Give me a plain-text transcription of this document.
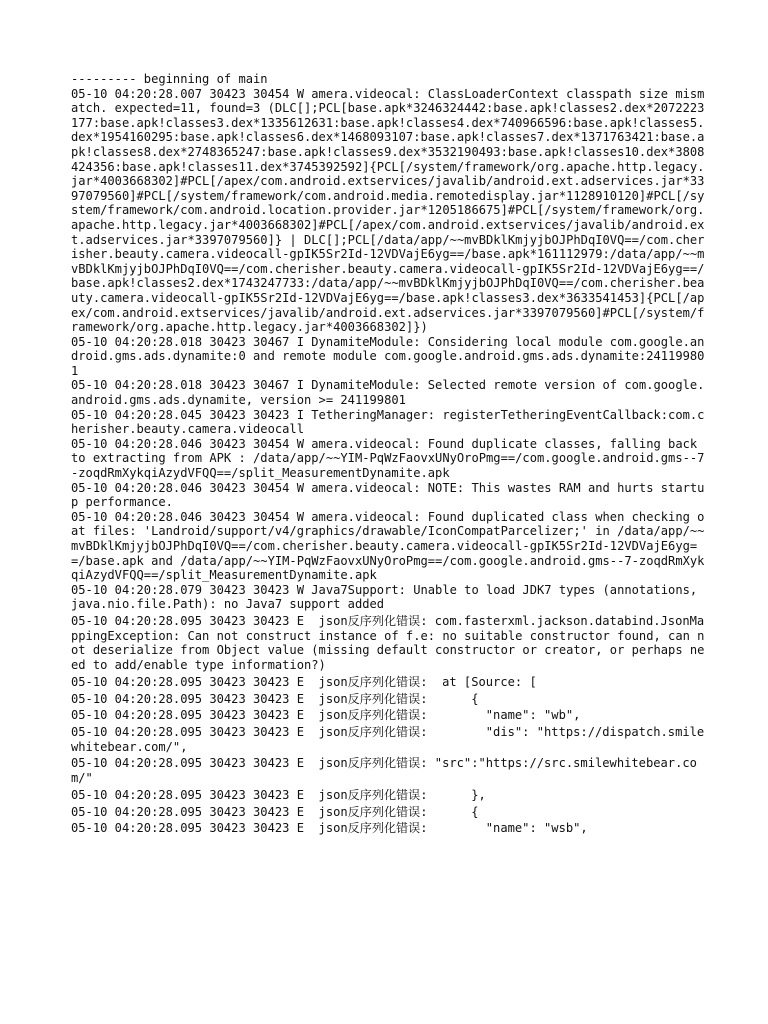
--------- beginning of main

05-10 04:20:28.007 30423 30454 W amera.videocal: ClassLoaderContext classpath size mismatch. expected=11, found=3 (DLC[];PCL[base.apk*3246324442:base.apk!classes2.dex*2072223177:base.apk!classes3.dex*1335612631:base.apk!classes4.dex*740966596:base.apk!classes5.dex*1954160295:base.apk!classes6.dex*1468093107:base.apk!classes7.dex*1371763421:base.apk!classes8.dex*2748365247:base.apk!classes9.dex*3532190493:base.apk!classes10.dex*3808424356:base.apk!classes11.dex*3745392592]{PCL[/system/framework/org.apache.http.legacy.jar*4003668302]#PCL[/apex/com.android.extservices/javalib/android.ext.adservices.jar*3397079560]#PCL[/system/framework/com.android.media.remotedisplay.jar*1128910120]#PCL[/system/framework/com.android.location.provider.jar*1205186675]#PCL[/system/framework/org.apache.http.legacy.jar*4003668302]#PCL[/apex/com.android.extservices/javalib/android.ext.adservices.jar*3397079560]} | DLC[];PCL[/data/app/~~mvBDklKmjyjbOJPhDqI0VQ==/com.cherisher.beauty.camera.videocall-gpIK5Sr2Id-12VDVajE6yg==/base.apk*161112979:/data/app/~~mvBDklKmjyjbOJPhDqI0VQ==/com.cherisher.beauty.camera.videocall-gpIK5Sr2Id-12VDVajE6yg==/base.apk!classes2.dex*1743247733:/data/app/~~mvBDklKmjyjbOJPhDqI0VQ==/com.cherisher.beauty.camera.videocall-gpIK5Sr2Id-12VDVajE6yg==/base.apk!classes3.dex*3633541453]{PCL[/apex/com.android.extservices/javalib/android.ext.adservices.jar*3397079560]#PCL[/system/framework/org.apache.http.legacy.jar*4003668302]})

05-10 04:20:28.018 30423 30467 I DynamiteModule: Considering local module com.google.android.gms.ads.dynamite:0 and remote module com.google.android.gms.ads.dynamite:241199801

05-10 04:20:28.018 30423 30467 I DynamiteModule: Selected remote version of com.google.android.gms.ads.dynamite, version >= 241199801

05-10 04:20:28.045 30423 30423 I TetheringManager: registerTetheringEventCallback:com.cherisher.beauty.camera.videocall

05-10 04:20:28.046 30423 30454 W amera.videocal: Found duplicate classes, falling back to extracting from APK : /data/app/~~YIM-PqWzFaovxUNyOroPmg==/com.google.android.gms--7-zoqdRmXykqiAzydVFQQ==/split_MeasurementDynamite.apk

05-10 04:20:28.046 30423 30454 W amera.videocal: NOTE: This wastes RAM and hurts startup performance.

05-10 04:20:28.046 30423 30454 W amera.videocal: Found duplicated class when checking oat files: 'Landroid/support/v4/graphics/drawable/IconCompatParcelizer;' in /data/app/~~mvBDklKmjyjbOJPhDqI0VQ==/com.cherisher.beauty.camera.videocall-gpIK5Sr2Id-12VDVajE6yg==/base.apk and /data/app/~~YIM-PqWzFaovxUNyOroPmg==/com.google.android.gms--7-zoqdRmXykqiAzydVFQQ==/split_MeasurementDynamite.apk

05-10 04:20:28.079 30423 30423 W Java7Support: Unable to load JDK7 types (annotations, java.nio.file.Path): no Java7 support added

05-10 04:20:28.095 30423 30423 E  json反序列化错误: com.fasterxml.jackson.databind.JsonMappingException: Can not construct instance of f.e: no suitable constructor found, can not deserialize from Object value (missing default constructor or creator, or perhaps need to add/enable type information?)

05-10 04:20:28.095 30423 30423 E  json反序列化错误:  at [Source: [

05-10 04:20:28.095 30423 30423 E  json反序列化错误:      {

05-10 04:20:28.095 30423 30423 E  json反序列化错误:        "name": "wb",

05-10 04:20:28.095 30423 30423 E  json反序列化错误:        "dis": "https://dispatch.smilewhitebear.com/",

05-10 04:20:28.095 30423 30423 E  json反序列化错误: "src":"https://src.smilewhitebear.com/"

05-10 04:20:28.095 30423 30423 E  json反序列化错误:      },

05-10 04:20:28.095 30423 30423 E  json反序列化错误:      {

05-10 04:20:28.095 30423 30423 E  json反序列化错误:        "name": "wsb",
